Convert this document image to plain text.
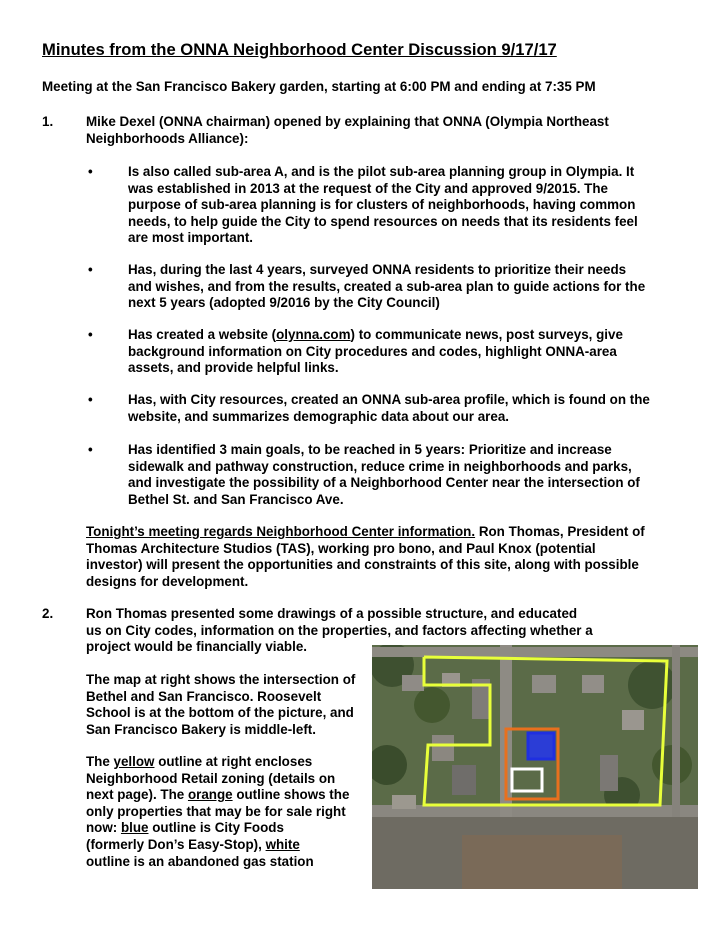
Minutes from the ONNA Neighborhood Center Discussion 9/17/17
Meeting at the San Francisco Bakery garden, starting at 6:00 PM and ending at 7:35 PM
1. Mike Dexel (ONNA chairman) opened by explaining that ONNA (Olympia Northeast
Neighborhoods Alliance):
•	Is also called sub-area A, and is the pilot sub-area planning group in Olympia. It
was established in 2013 at the request of the City and approved 9/2015. The
purpose of sub-area planning is for clusters of neighborhoods, having common
needs, to help guide the City to spend resources on needs that its residents feel
are most important.
•	Has, during the last 4 years, surveyed ONNA residents to prioritize their needs
and wishes, and from the results, created a sub-area plan to guide actions for the
next 5 years (adopted 9/2016 by the City Council)
•	Has created a website (olynna.com) to communicate news, post surveys, give
background information on City procedures and codes, highlight ONNA-area
assets, and provide helpful links.
•	Has, with City resources, created an ONNA sub-area profile, which is found on the
website, and summarizes demographic data about our area.
•	Has identified 3 main goals, to be reached in 5 years: Prioritize and increase
sidewalk and pathway construction, reduce crime in neighborhoods and parks,
and investigate the possibility of a Neighborhood Center near the intersection of
Bethel St. and San Francisco Ave.
Tonight’s meeting regards Neighborhood Center information. Ron Thomas, President of
Thomas Architecture Studios (TAS), working pro bono, and Paul Knox (potential
investor) will present the opportunities and constraints of this site, along with possible
designs for development.
2. Ron Thomas presented some drawings of a possible structure, and educated
us on City codes, information on the properties, and factors affecting whether a
project would be financially viable.
The map at right shows the intersection of
Bethel and San Francisco. Roosevelt
School is at the bottom of the picture, and
San Francisco Bakery is middle-left.
The yellow outline at right encloses
Neighborhood Retail zoning (details on
next page). The orange outline shows the
only properties that may be for sale right
now: blue outline is City Foods
(formerly Don’s Easy-Stop), white
outline is an abandoned gas station
